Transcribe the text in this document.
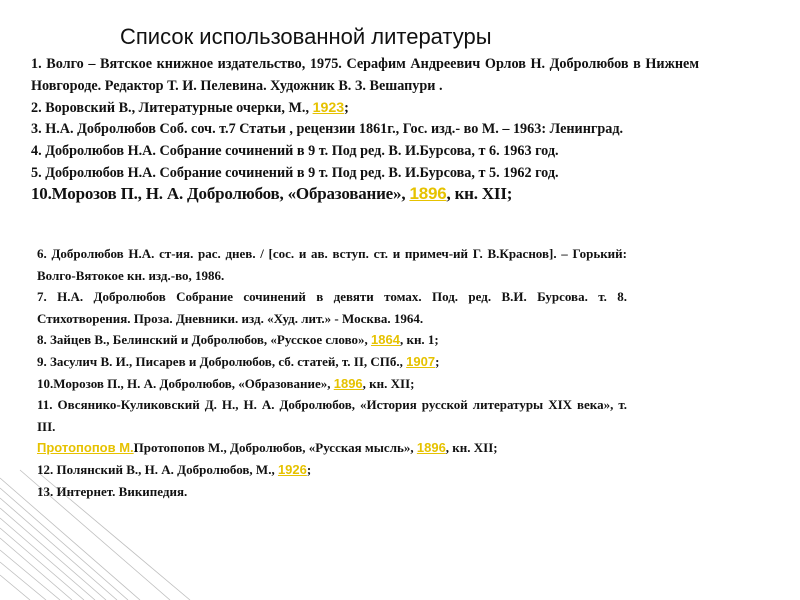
Список использованной литературы

1. Волго – Вятское книжное издательство, 1975. Серафим Андреевич Орлов Н. Добролюбов в Нижнем Новгороде. Редактор Т. И. Пелевина. Художник В. З. Вешапури .

2. Воровский В., Литературные очерки, М., 1923;

3. Н.А. Добролюбов Соб. соч. т.7 Статьи , рецензии 1861г., Гос. изд.- во М. – 1963: Ленинград.

4. Добролюбов Н.А. Собрание сочинений в 9 т. Под ред. В. И.Бурсова, т 6. 1963 год.

5. Добролюбов Н.А. Собрание сочинений в 9 т. Под ред. В. И.Бурсова, т 5. 1962 год.

10.Морозов П., Н. А. Добролюбов, «Образование», 1896, кн. XII;

6. Добролюбов Н.А. ст-ия. рас. днев. / [сос. и ав. вступ. ст. и примеч-ий Г. В.Краснов]. – Горький: Волго-Вятокое кн. изд.-во, 1986.

7. Н.А. Добролюбов Собрание сочинений в девяти томах. Под. ред. В.И. Бурсова. т. 8. Стихотворения. Проза. Дневники. изд. «Худ. лит.» - Москва. 1964.

8. Зайцев В., Белинский и Добролюбов, «Русское слово», 1864, кн. 1;

9. Засулич В. И., Писарев и Добролюбов, сб. статей, т. II, СПб., 1907;

10.Морозов П., Н. А. Добролюбов, «Образование», 1896, кн. XII;

11. Овсянико-Куликовский Д. Н., Н. А. Добролюбов, «История русской литературы XIX века», т. III.

Протопопов М.Протопопов М., Добролюбов, «Русская мысль», 1896, кн. XII;

12. Полянский В., Н. А. Добролюбов, М., 1926;

13. Интернет. Википедия.
